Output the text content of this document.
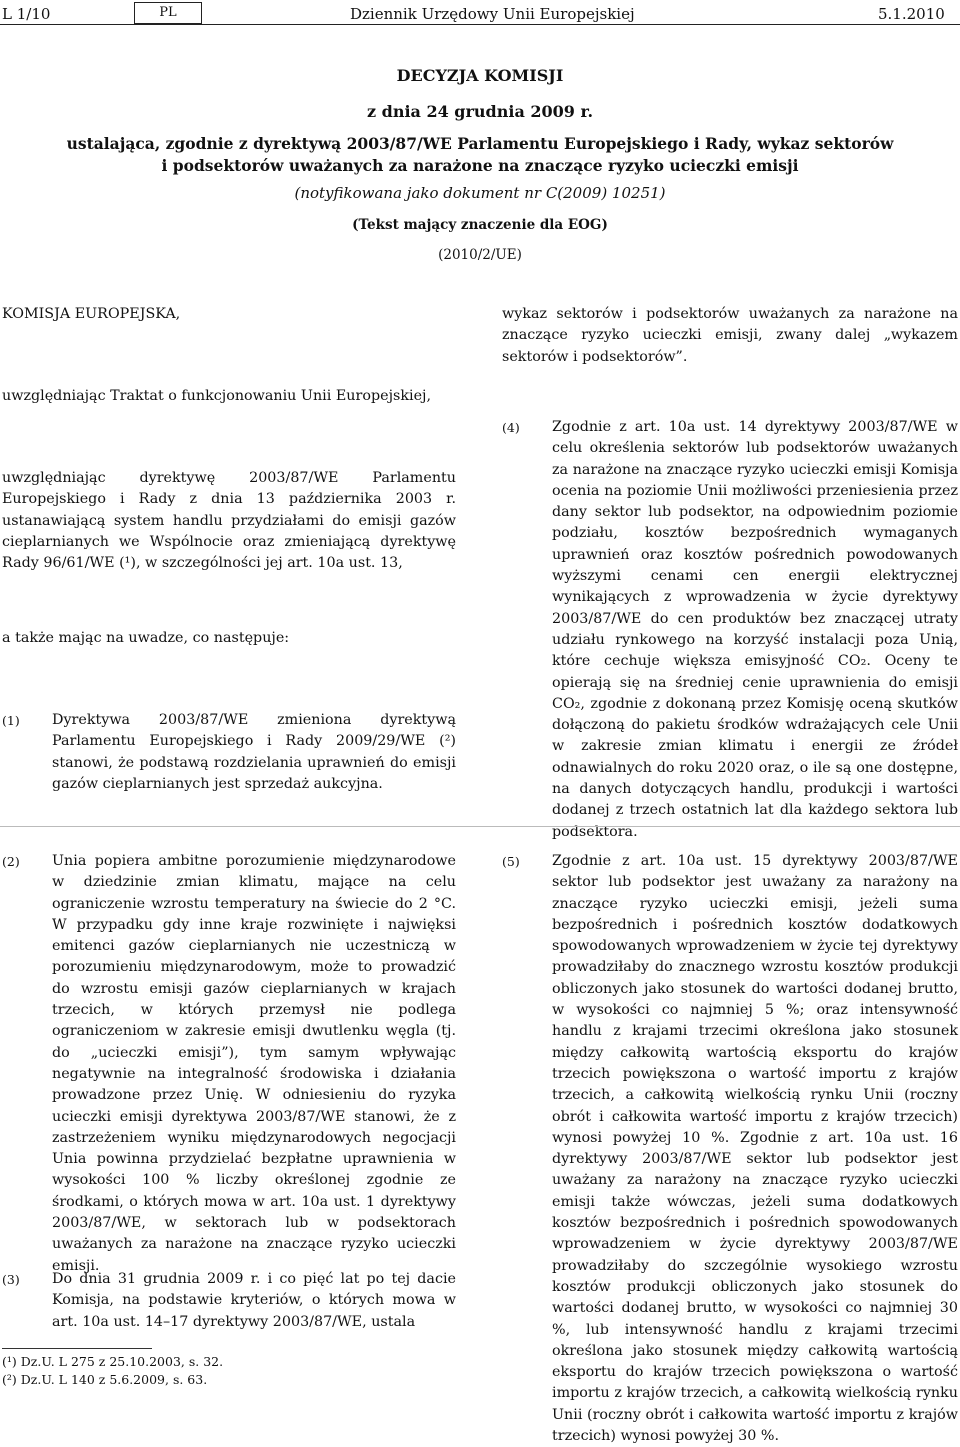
L 1/10	PL	Dziennik Urzędowy Unii Europejskiej	5.1.2010
DECYZJA KOMISJI
z dnia 24 grudnia 2009 r.
ustalająca, zgodnie z dyrektywą 2003/87/WE Parlamentu Europejskiego i Rady, wykaz sektorów
i podsektorów uważanych za narażone na znaczące ryzyko ucieczki emisji
(notyfikowana jako dokument nr C(2009) 10251)
(Tekst mający znaczenie dla EOG)
(2010/2/UE)
KOMISJA EUROPEJSKA,
uwzględniając Traktat o funkcjonowaniu Unii Europejskiej,
uwzględniając dyrektywę 2003/87/WE Parlamentu Europejskiego i Rady z dnia 13 października 2003 r. ustanawiającą system handlu przydziałami do emisji gazów cieplarnianych we Wspólnocie oraz zmieniającą dyrektywę Rady 96/61/WE (¹), w szczególności jej art. 10a ust. 13,
a także mając na uwadze, co następuje:
(1) Dyrektywa 2003/87/WE zmieniona dyrektywą Parlamentu Europejskiego i Rady 2009/29/WE (²) stanowi, że podstawą rozdzielania uprawnień do emisji gazów cieplarnianych jest sprzedaż aukcyjna.
wykaz sektorów i podsektorów uważanych za narażone na znaczące ryzyko ucieczki emisji, zwany dalej „wykazem sektorów i podsektorów”.
(4) Zgodnie z art. 10a ust. 14 dyrektywy 2003/87/WE w celu określenia sektorów lub podsektorów uważanych za narażone na znaczące ryzyko ucieczki emisji Komisja ocenia na poziomie Unii możliwości przeniesienia przez dany sektor lub podsektor, na odpowiednim poziomie podziału, kosztów bezpośrednich wymaganych uprawnień oraz kosztów pośrednich powodowanych wyższymi cenami cen energii elektrycznej wynikających z wprowadzenia w życie dyrektywy 2003/87/WE do cen produktów bez znaczącej utraty udziału rynkowego na korzyść instalacji poza Unią, które cechuje większa emisyjność CO₂. Oceny te opierają się na średniej cenie uprawnienia do emisji CO₂, zgodnie z dokonaną przez Komisję oceną skutków dołączoną do pakietu środków wdrażających cele Unii w zakresie zmian klimatu i energii ze źródeł odnawialnych do roku 2020 oraz, o ile są one dostępne, na danych dotyczących handlu, produkcji i wartości dodanej z trzech ostatnich lat dla każdego sektora lub podsektora.
(2) Unia popiera ambitne porozumienie międzynarodowe w dziedzinie zmian klimatu, mające na celu ograniczenie wzrostu temperatury na świecie do 2 °C. W przypadku gdy inne kraje rozwinięte i najwięksi emitenci gazów cieplarnianych nie uczestniczą w porozumieniu międzynarodowym, może to prowadzić do wzrostu emisji gazów cieplarnianych w krajach trzecich, w których przemysł nie podlega ograniczeniom w zakresie emisji dwutlenku węgla (tj. do „ucieczki emisji”), tym samym wpływając negatywnie na integralność środowiska i działania prowadzone przez Unię. W odniesieniu do ryzyka ucieczki emisji dyrektywa 2003/87/WE stanowi, że z zastrzeżeniem wyniku międzynarodowych negocjacji Unia powinna przydzielać bezpłatne uprawnienia w wysokości 100 % liczby określonej zgodnie ze środkami, o których mowa w art. 10a ust. 1 dyrektywy 2003/87/WE, w sektorach lub w podsektorach uważanych za narażone na znaczące ryzyko ucieczki emisji.
(3) Do dnia 31 grudnia 2009 r. i co pięć lat po tej dacie Komisja, na podstawie kryteriów, o których mowa w art. 10a ust. 14–17 dyrektywy 2003/87/WE, ustala
(5) Zgodnie z art. 10a ust. 15 dyrektywy 2003/87/WE sektor lub podsektor jest uważany za narażony na znaczące ryzyko ucieczki emisji, jeżeli suma bezpośrednich i pośrednich kosztów dodatkowych spowodowanych wprowadzeniem w życie tej dyrektywy prowadziłaby do znacznego wzrostu kosztów produkcji obliczonych jako stosunek do wartości dodanej brutto, w wysokości co najmniej 5 %; oraz intensywność handlu z krajami trzecimi określona jako stosunek między całkowitą wartością eksportu do krajów trzecich powiększona o wartość importu z krajów trzecich, a całkowitą wielkością rynku Unii (roczny obrót i całkowita wartość importu z krajów trzecich) wynosi powyżej 10 %. Zgodnie z art. 10a ust. 16 dyrektywy 2003/87/WE sektor lub podsektor jest uważany za narażony na znaczące ryzyko ucieczki emisji także wówczas, jeżeli suma dodatkowych kosztów bezpośrednich i pośrednich spowodowanych wprowadzeniem w życie dyrektywy 2003/87/WE prowadziłaby do szczególnie wysokiego wzrostu kosztów produkcji obliczonych jako stosunek do wartości dodanej brutto, w wysokości co najmniej 30 %, lub intensywność handlu z krajami trzecimi określona jako stosunek między całkowitą wartością eksportu do krajów trzecich powiększona o wartość importu z krajów trzecich, a całkowitą wielkością rynku Unii (roczny obrót i całkowita wartość importu z krajów trzecich) wynosi powyżej 30 %.
(¹) Dz.U. L 275 z 25.10.2003, s. 32.
(²) Dz.U. L 140 z 5.6.2009, s. 63.
